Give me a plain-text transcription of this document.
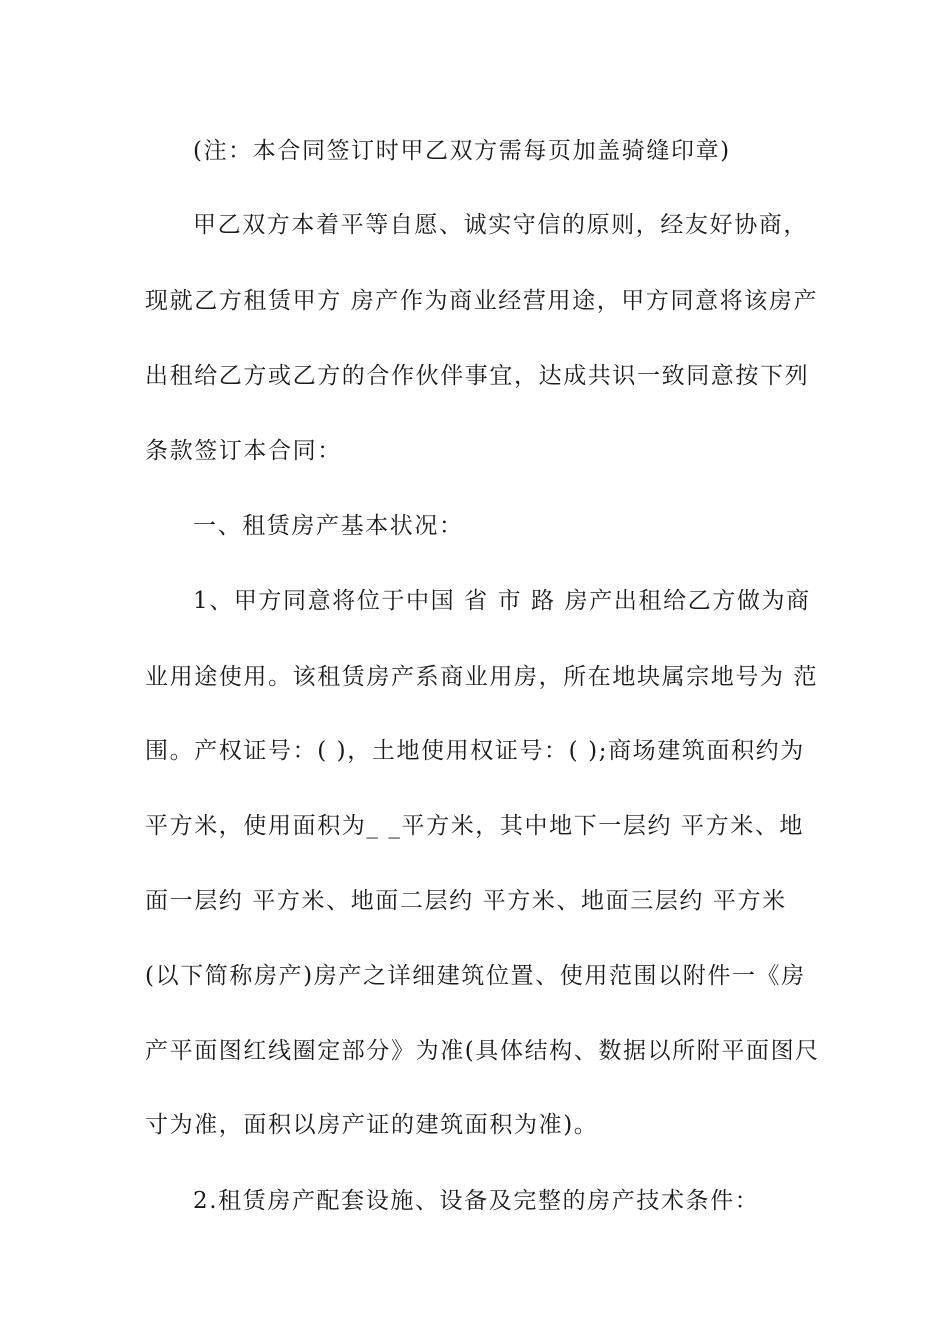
(注：本合同签订时甲乙双方需每页加盖骑缝印章)
甲乙双方本着平等自愿、诚实守信的原则，经友好协商，
现就乙方租赁甲方 房产作为商业经营用途，甲方同意将该房产
出租给乙方或乙方的合作伙伴事宜，达成共识一致同意按下列
条款签订本合同：
一、租赁房产基本状况：
1、甲方同意将位于中国 省 市 路 房产出租给乙方做为商
业用途使用。该租赁房产系商业用房，所在地块属宗地号为 范
围。产权证号：( )，土地使用权证号：( );商场建筑面积约为
平方米，使用面积为_ _平方米，其中地下一层约 平方米、地
面一层约 平方米、地面二层约 平方米、地面三层约 平方米
(以下简称房产)房产之详细建筑位置、使用范围以附件一《房
产平面图红线圈定部分》为准(具体结构、数据以所附平面图尺
寸为准，面积以房产证的建筑面积为准)。
2.租赁房产配套设施、设备及完整的房产技术条件：
